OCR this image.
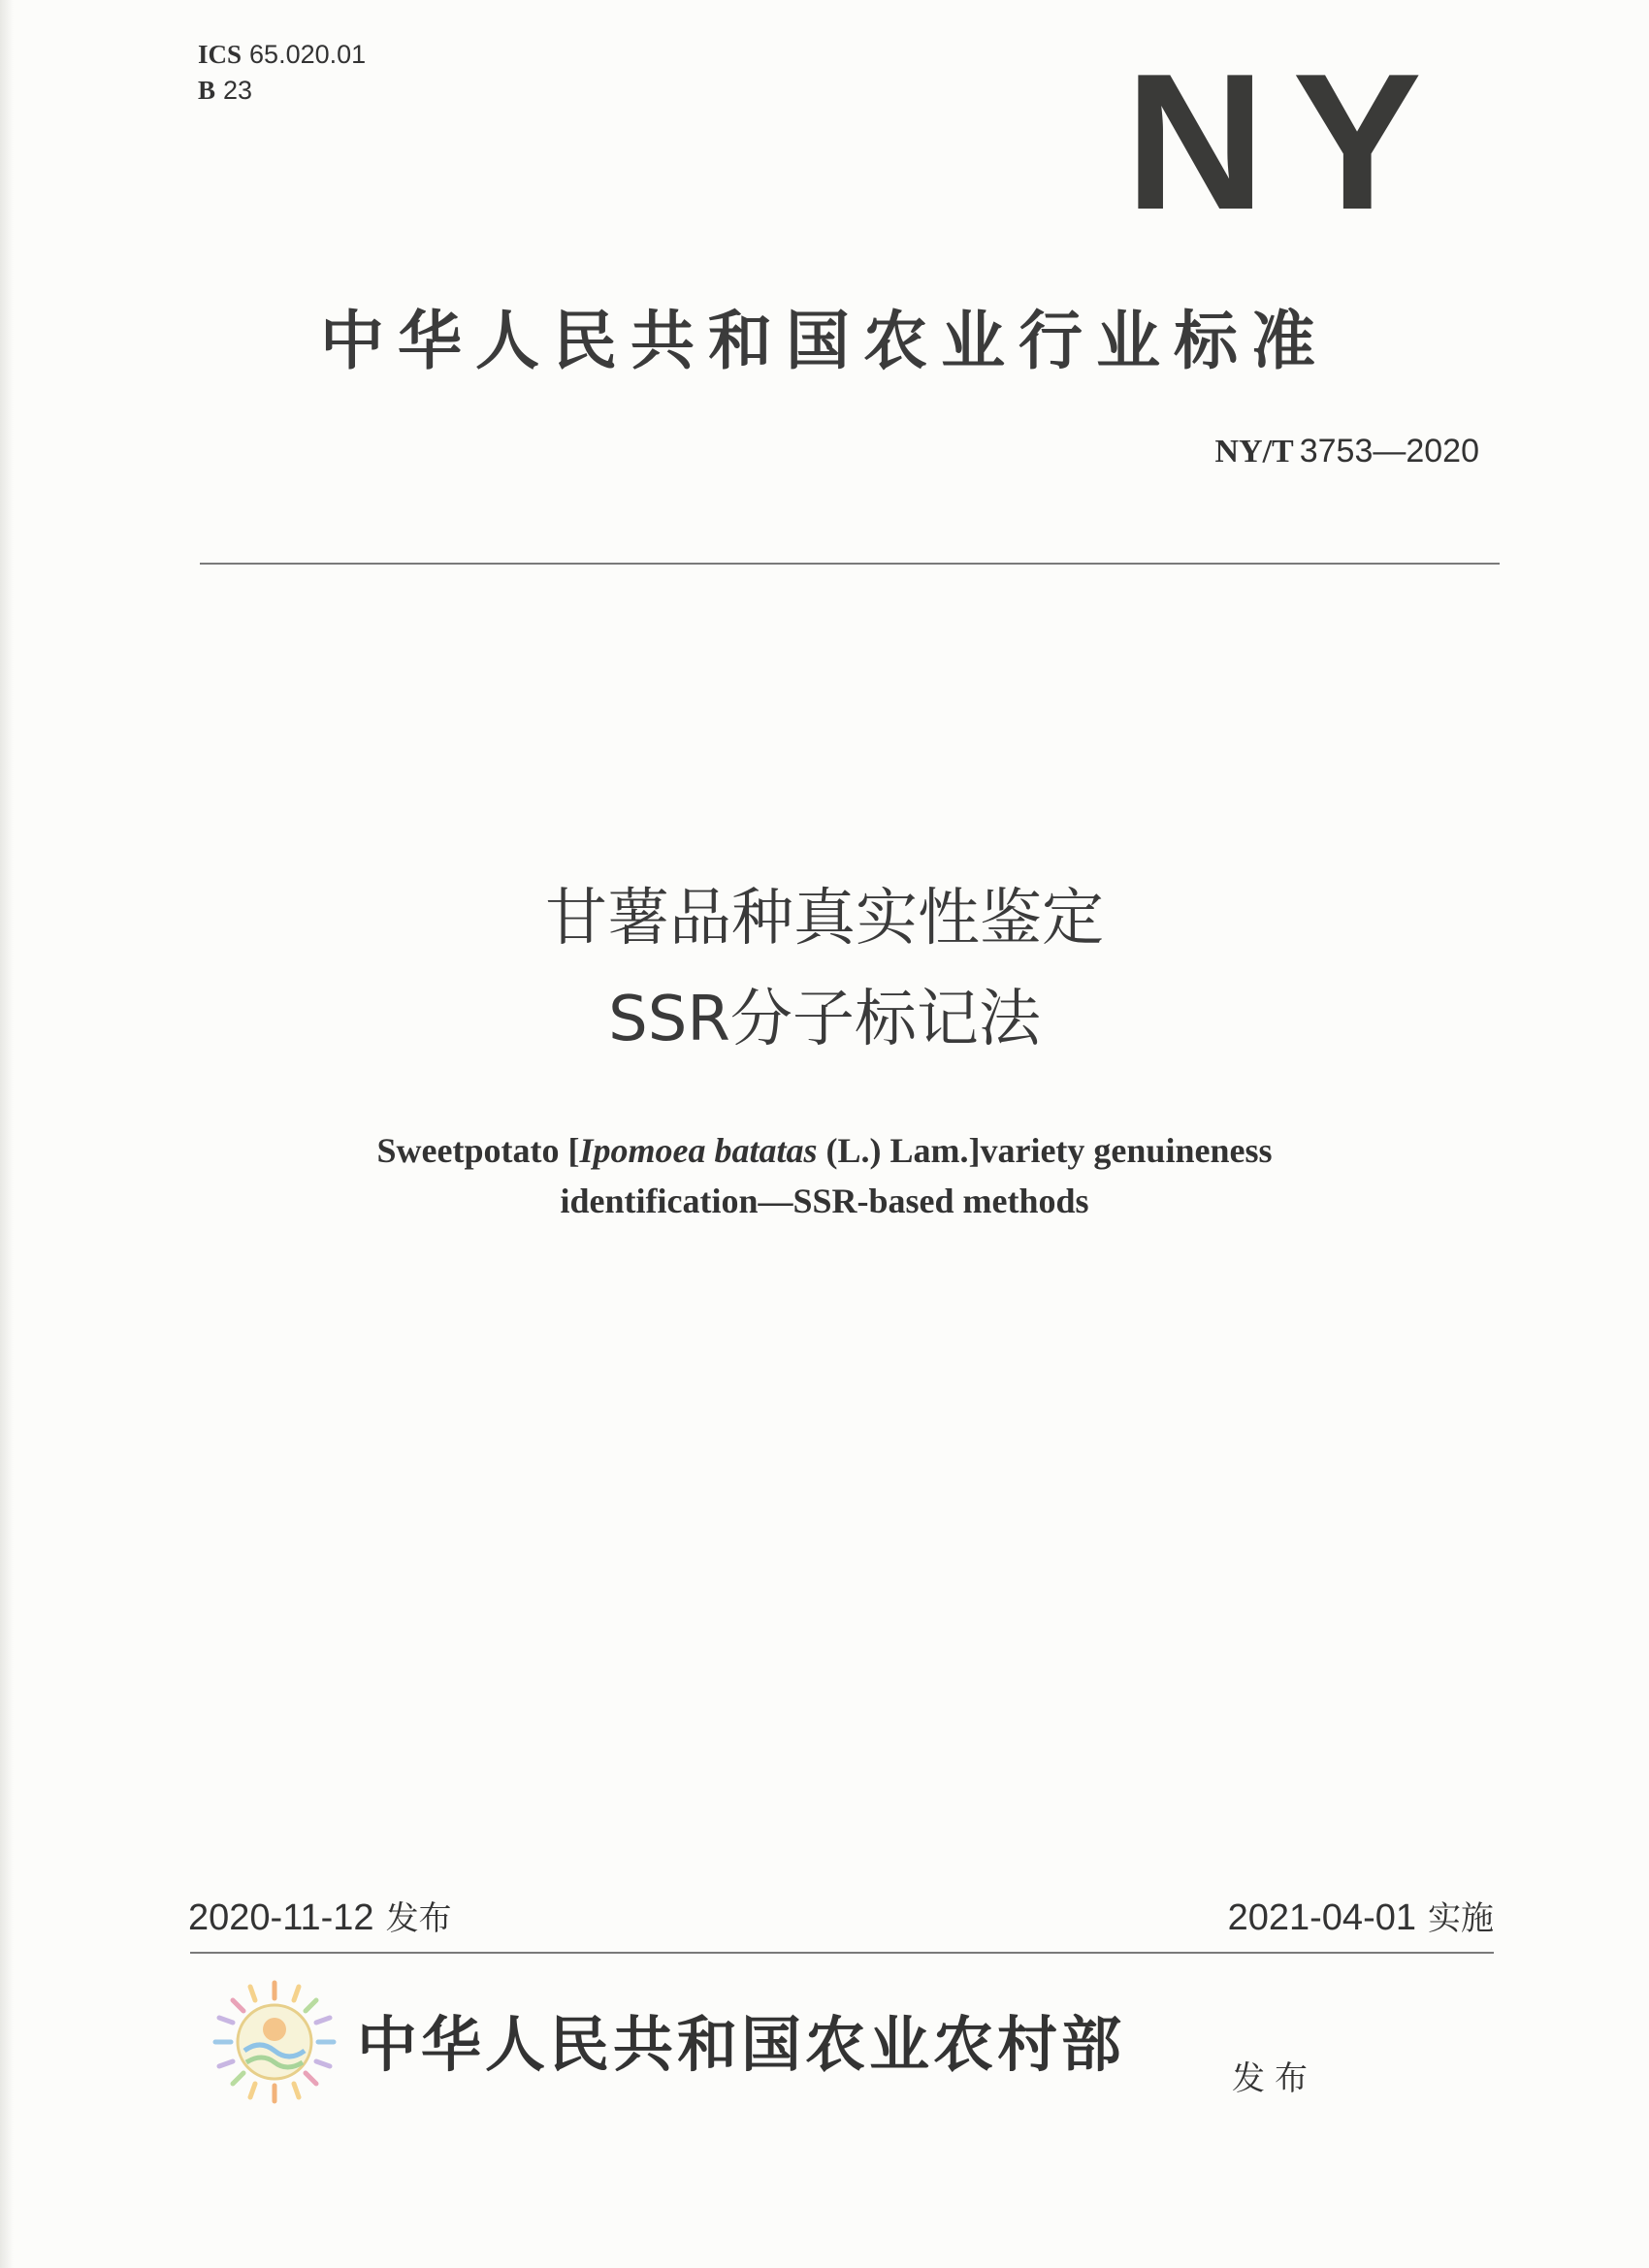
ICS 65.020.01
B 23	NY
中华人民共和国农业行业标准
NY/T 3753—2020
甘薯品种真实性鉴定
SSR分子标记法
Sweetpotato [Ipomoea batatas (L.) Lam.]variety genuineness
identification—SSR-based methods
2020-11-12 发布	2021-04-01 实施
中华人民共和国农业农村部	发布
